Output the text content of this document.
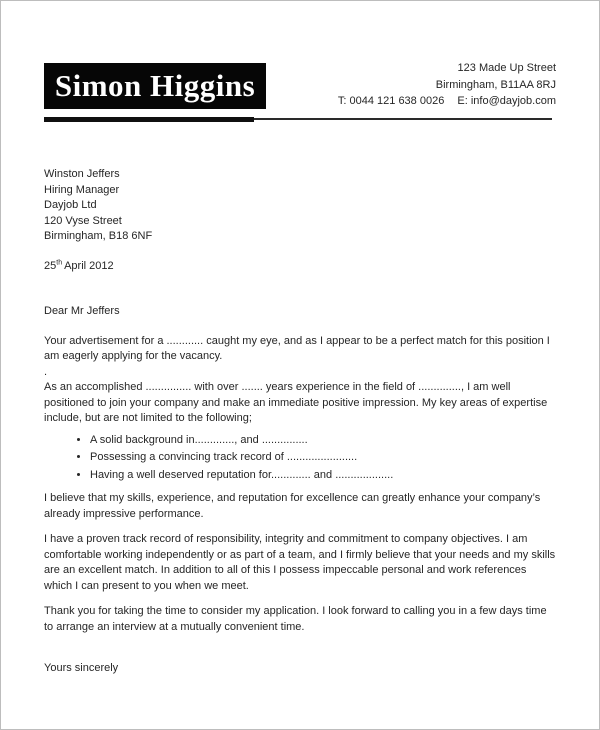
Simon Higgins	123 Made Up Street
Birmingham, B11AA 8RJ
T: 0044 121 638 0026 E: info@dayjob.com
Winston Jeffers
Hiring Manager
Dayjob Ltd
120 Vyse Street
Birmingham, B18 6NF
25th April 2012
Dear Mr Jeffers
Your advertisement for a ............ caught my eye, and as I appear to be a perfect match for this position I am eagerly applying for the vacancy.
.
As an accomplished ............... with over ....... years experience in the field of .............., I am well positioned to join your company and make an immediate positive impression. My key areas of expertise include, but are not limited to the following;
• A solid background in............., and ...............
• Possessing a convincing track record of .......................
• Having a well deserved reputation for............. and ...................
I believe that my skills, experience, and reputation for excellence can greatly enhance your company’s already impressive performance.
I have a proven track record of responsibility, integrity and commitment to company objectives. I am comfortable working independently or as part of a team, and I firmly believe that your needs and my skills are an excellent match. In addition to all of this I possess impeccable personal and work references which I can present to you when we meet.
Thank you for taking the time to consider my application. I look forward to calling you in a few days time to arrange an interview at a mutually convenient time.
Yours sincerely
